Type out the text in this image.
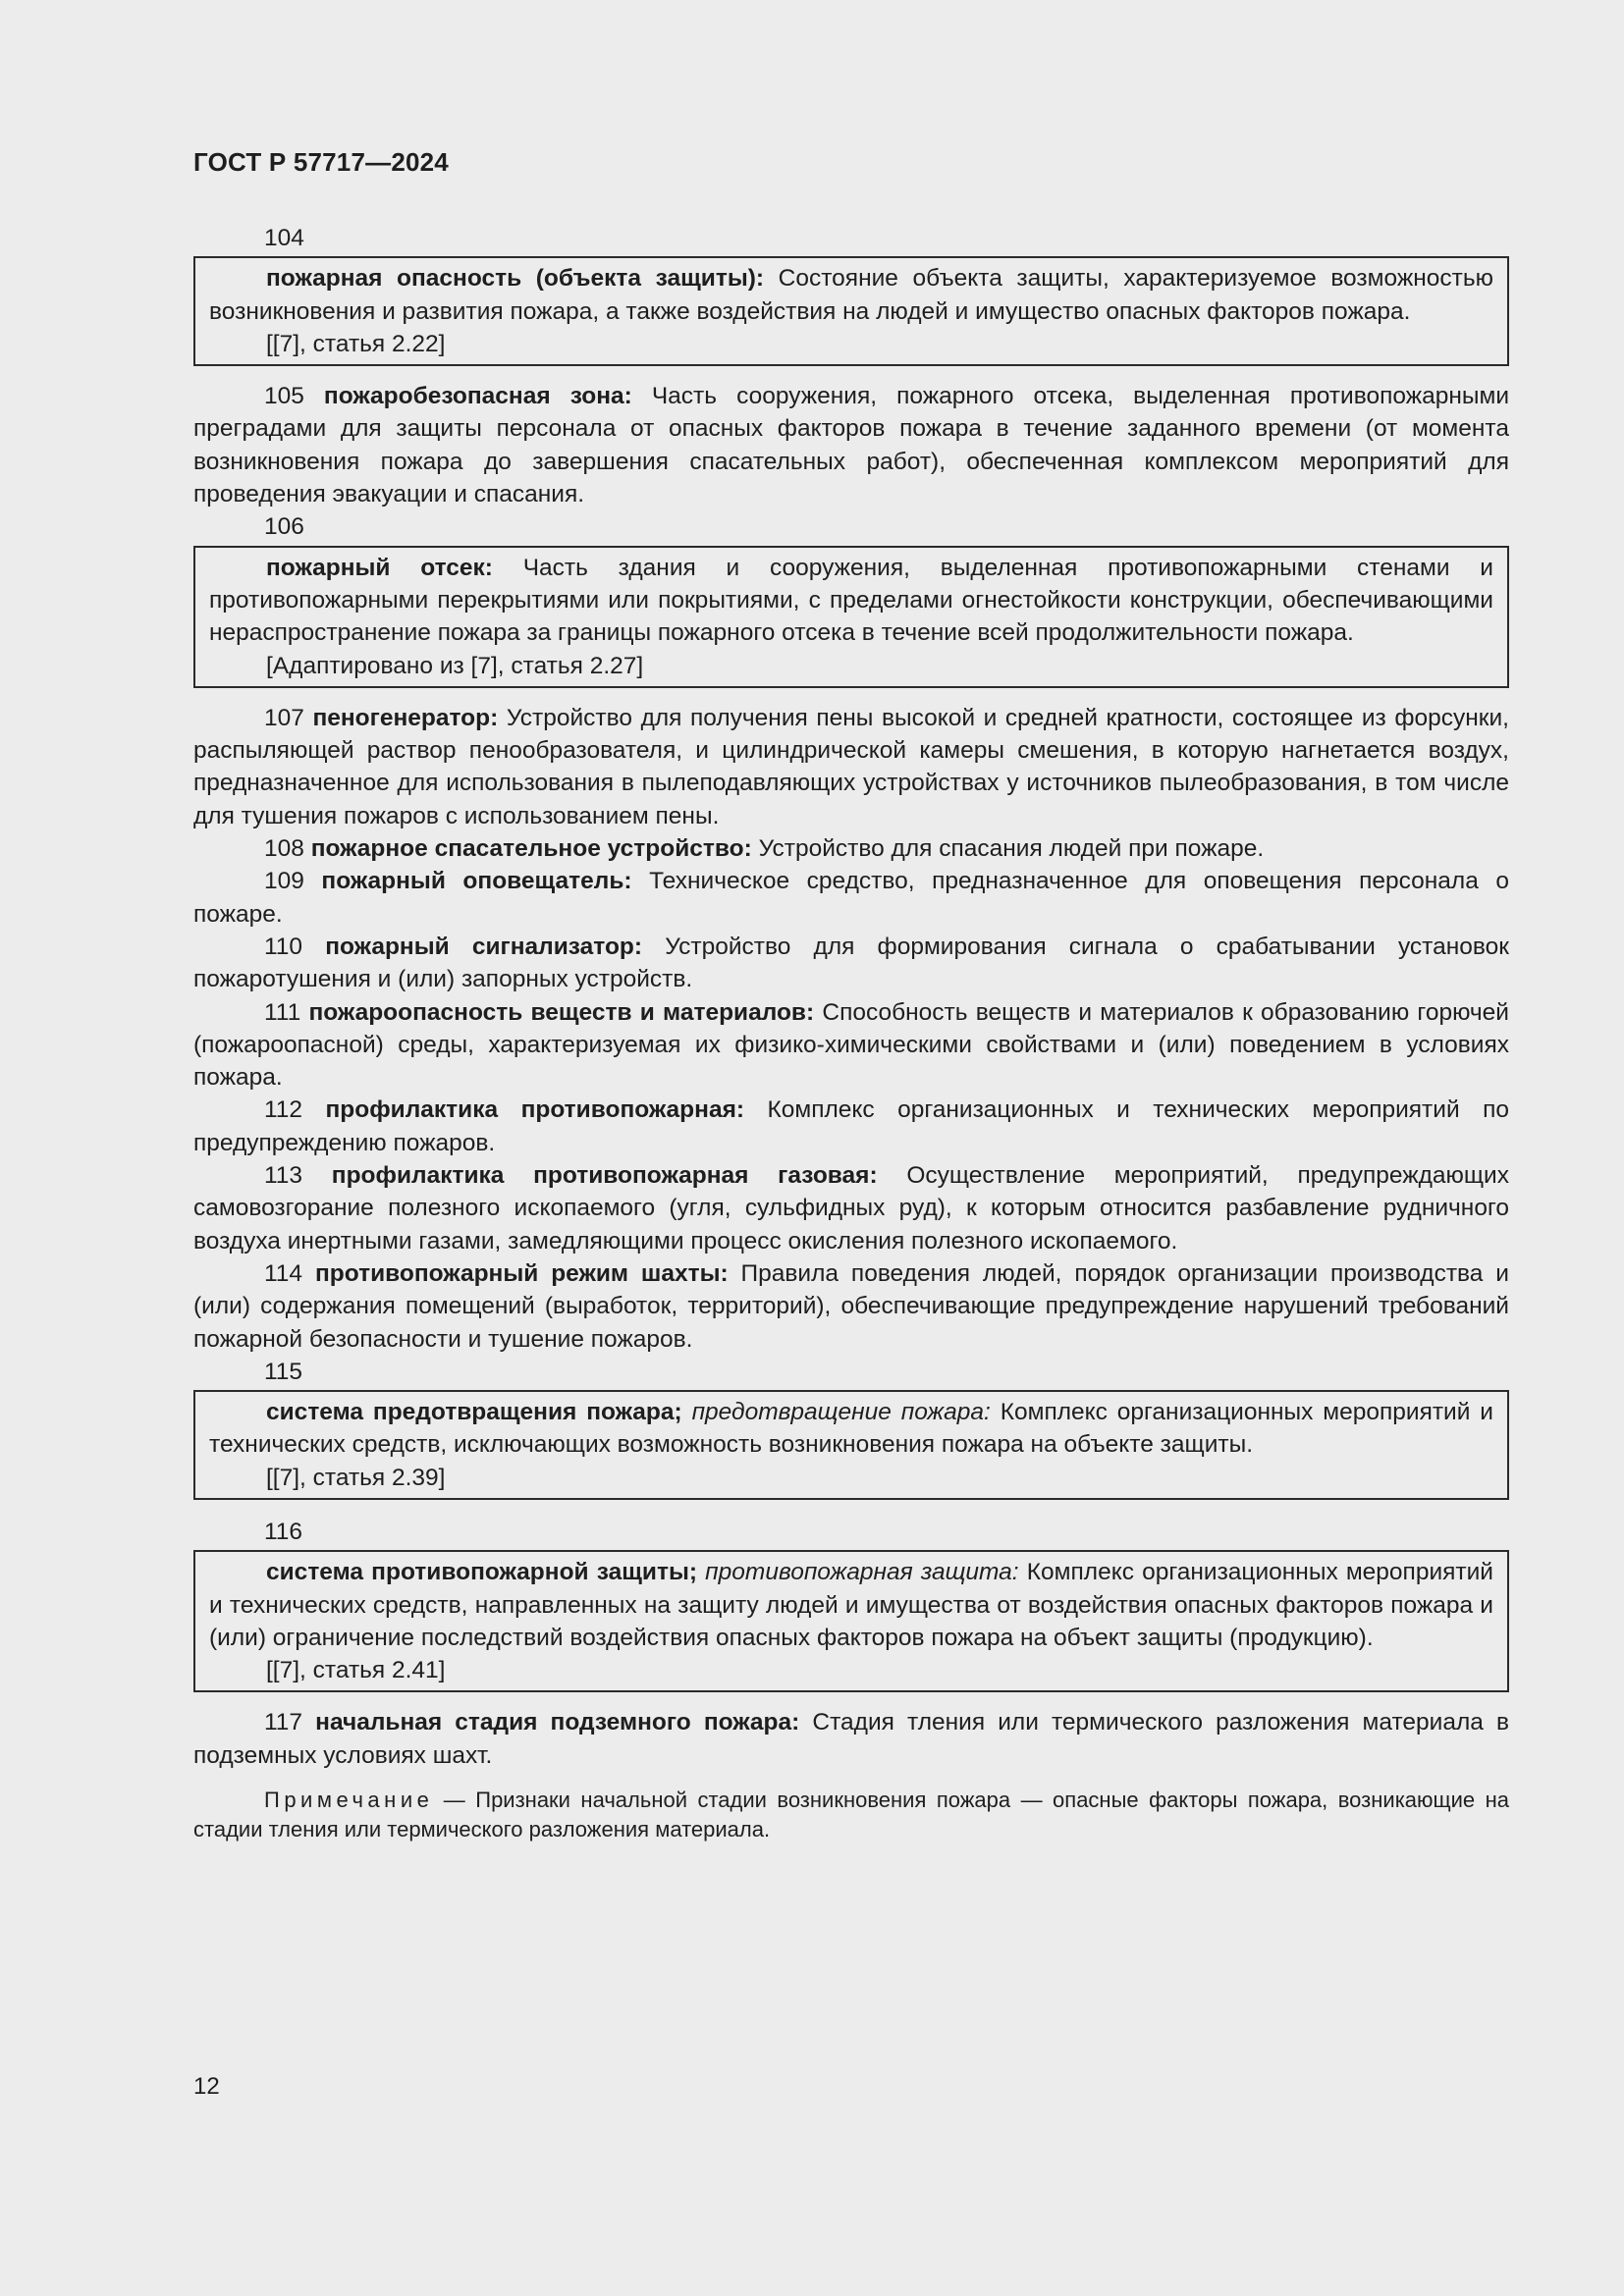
ГОСТ Р 57717—2024
104

пожарная опасность (объекта защиты): Состояние объекта защиты, характеризуемое возможностью возникновения и развития пожара, а также воздействия на людей и имущество опасных факторов пожара.

[[7], статья 2.22]

105 пожаробезопасная зона: Часть сооружения, пожарного отсека, выделенная противопожарными преградами для защиты персонала от опасных факторов пожара в течение заданного времени (от момента возникновения пожара до завершения спасательных работ), обеспеченная комплексом мероприятий для проведения эвакуации и спасания.

106

пожарный отсек: Часть здания и сооружения, выделенная противопожарными стенами и противопожарными перекрытиями или покрытиями, с пределами огнестойкости конструкции, обеспечивающими нераспространение пожара за границы пожарного отсека в течение всей продолжительности пожара.

[Адаптировано из [7], статья 2.27]

107 пеногенератор: Устройство для получения пены высокой и средней кратности, состоящее из форсунки, распыляющей раствор пенообразователя, и цилиндрической камеры смешения, в которую нагнетается воздух, предназначенное для использования в пылеподавляющих устройствах у источников пылеобразования, в том числе для тушения пожаров с использованием пены.

108 пожарное спасательное устройство: Устройство для спасания людей при пожаре.

109 пожарный оповещатель: Техническое средство, предназначенное для оповещения персонала о пожаре.

110 пожарный сигнализатор: Устройство для формирования сигнала о срабатывании установок пожаротушения и (или) запорных устройств.

111 пожароопасность веществ и материалов: Способность веществ и материалов к образованию горючей (пожароопасной) среды, характеризуемая их физико-химическими свойствами и (или) поведением в условиях пожара.

112 профилактика противопожарная: Комплекс организационных и технических мероприятий по предупреждению пожаров.

113 профилактика противопожарная газовая: Осуществление мероприятий, предупреждающих самовозгорание полезного ископаемого (угля, сульфидных руд), к которым относится разбавление рудничного воздуха инертными газами, замедляющими процесс окисления полезного ископаемого.

114 противопожарный режим шахты: Правила поведения людей, порядок организации производства и (или) содержания помещений (выработок, территорий), обеспечивающие предупреждение нарушений требований пожарной безопасности и тушение пожаров.

115

система предотвращения пожара; предотвращение пожара: Комплекс организационных мероприятий и технических средств, исключающих возможность возникновения пожара на объекте защиты.

[[7], статья 2.39]
116

система противопожарной защиты; противопожарная защита: Комплекс организационных мероприятий и технических средств, направленных на защиту людей и имущества от воздействия опасных факторов пожара и (или) ограничение последствий воздействия опасных факторов пожара на объект защиты (продукцию).

[[7], статья 2.41]

117 начальная стадия подземного пожара: Стадия тления или термического разложения материала в подземных условиях шахт.

Примечание — Признаки начальной стадии возникновения пожара — опасные факторы пожара, возникающие на стадии тления или термического разложения материала.

12
